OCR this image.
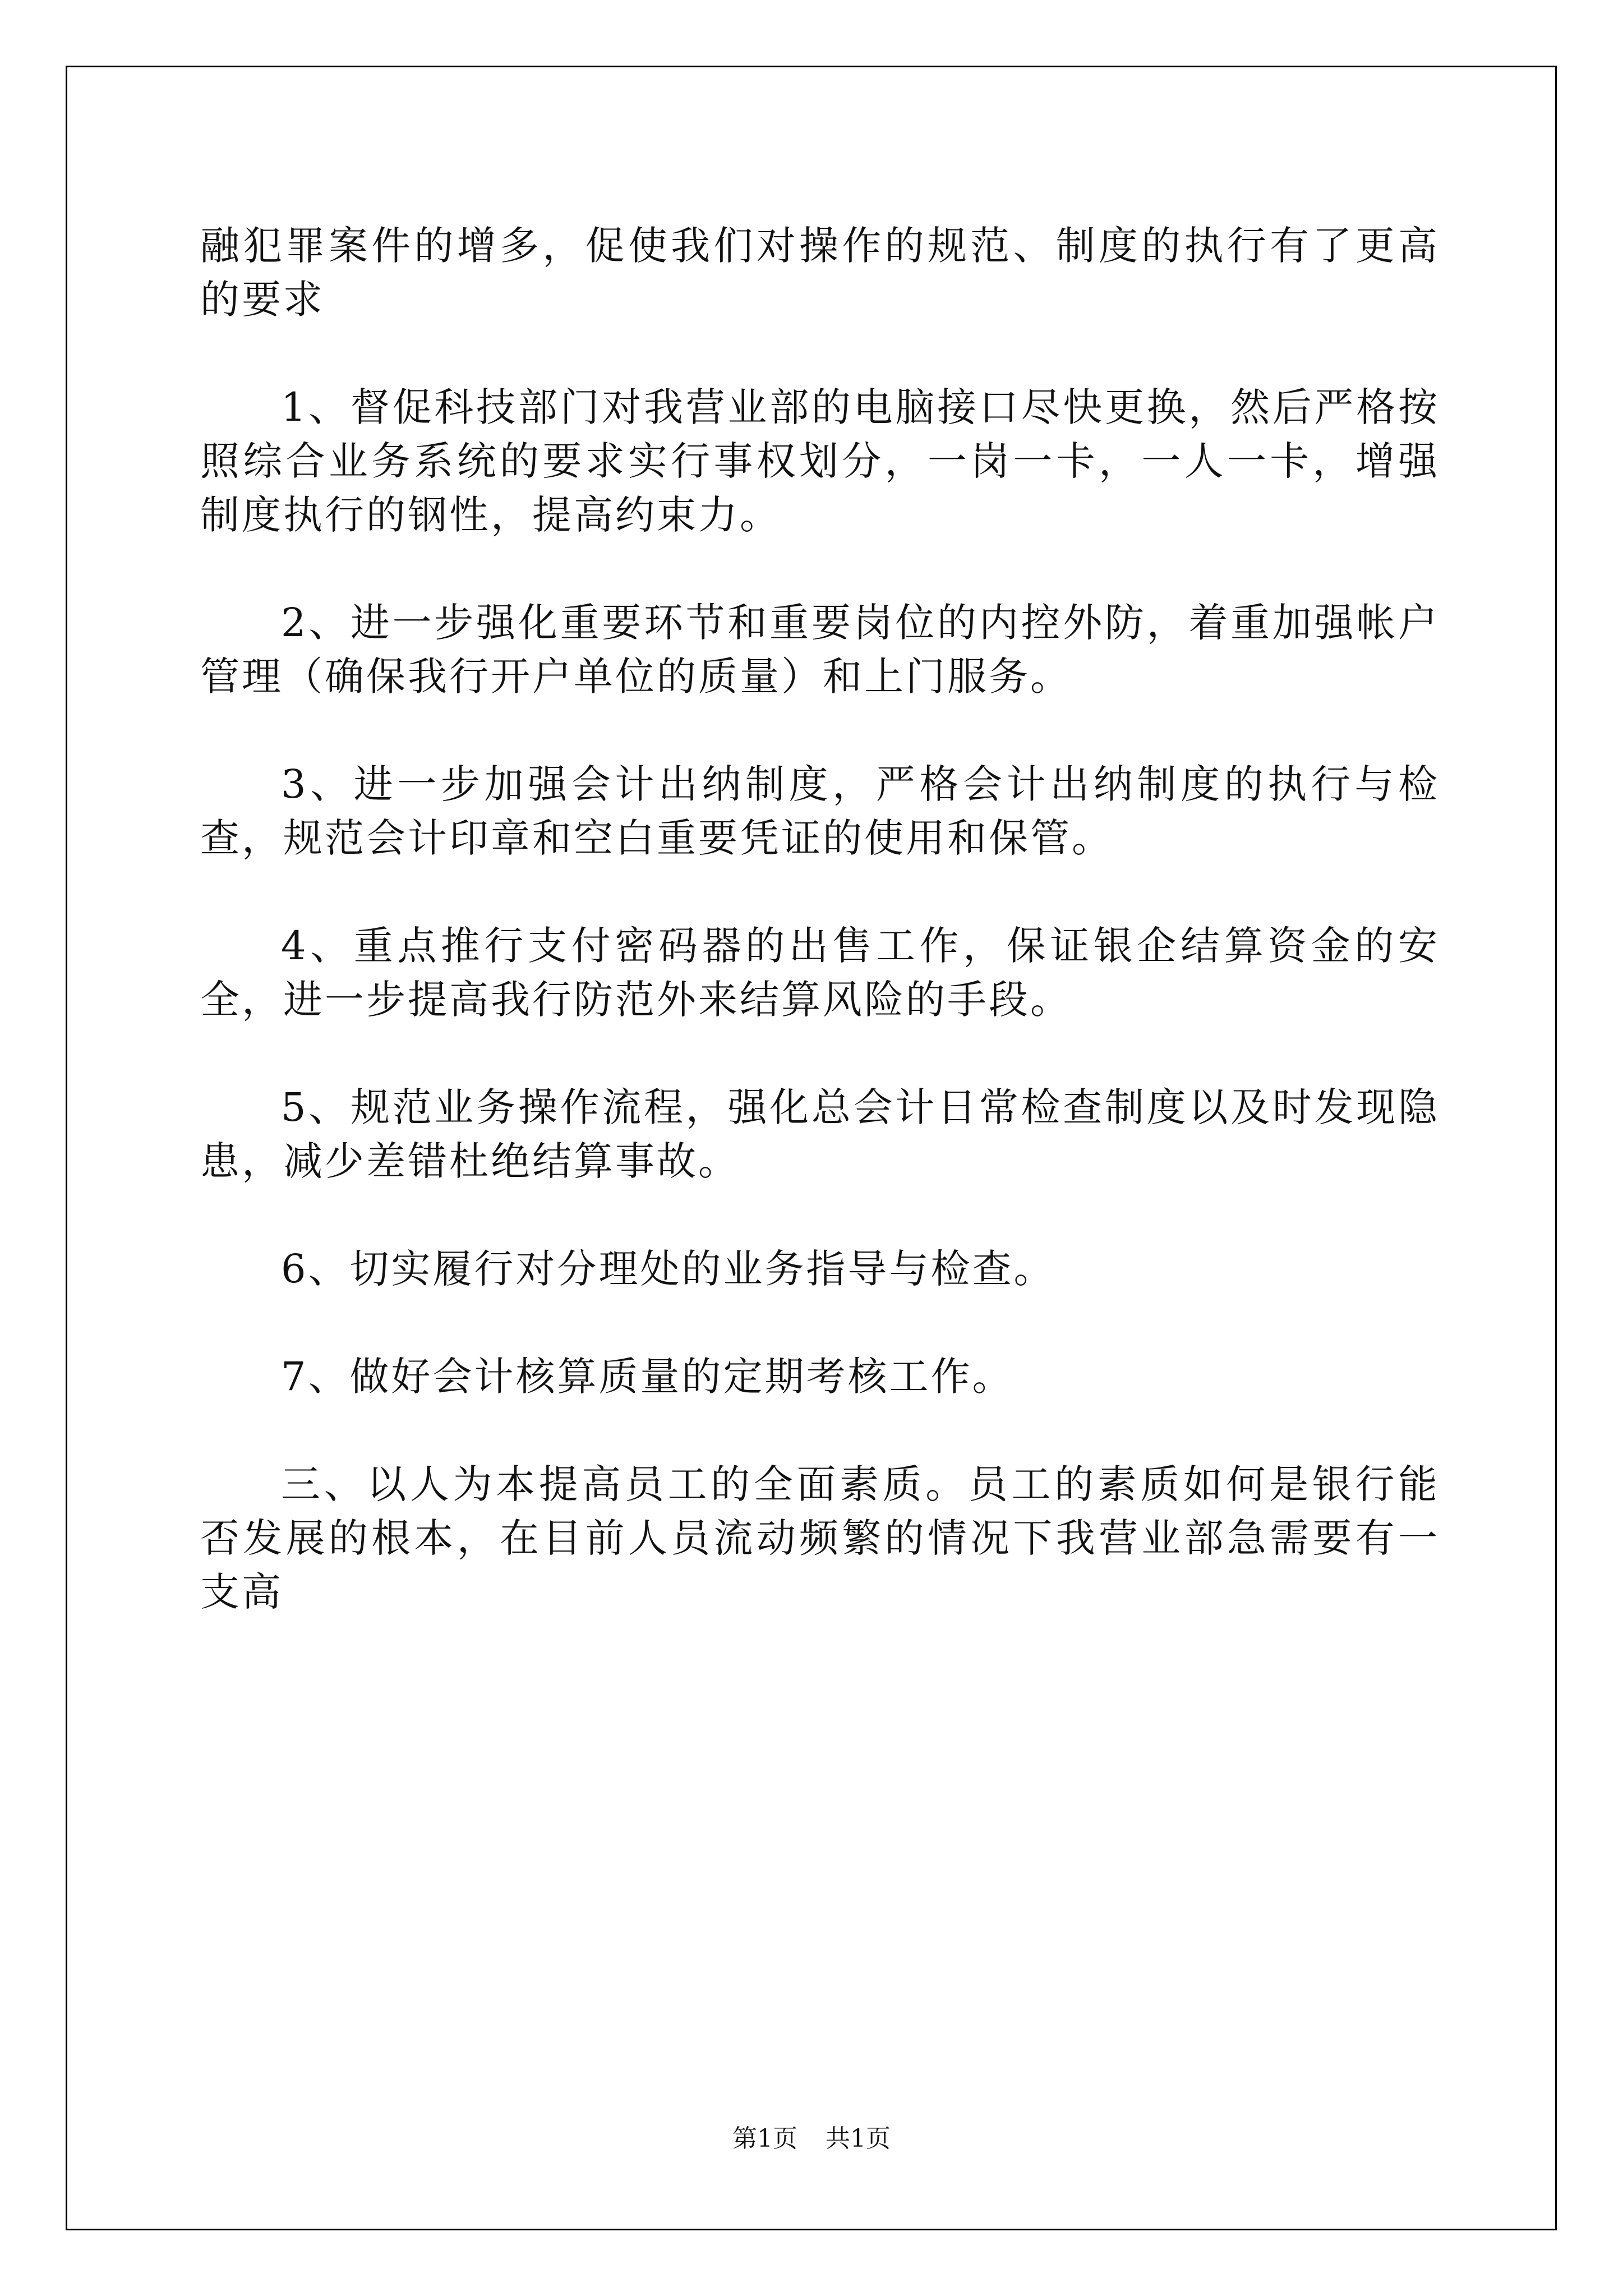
融犯罪案件的增多，促使我们对操作的规范、制度的执行有了更高的要求

1、督促科技部门对我营业部的电脑接口尽快更换，然后严格按照综合业务系统的要求实行事权划分，一岗一卡，一人一卡，增强制度执行的钢性，提高约束力。

2、进一步强化重要环节和重要岗位的内控外防，着重加强帐户管理（确保我行开户单位的质量）和上门服务。

3、进一步加强会计出纳制度，严格会计出纳制度的执行与检查，规范会计印章和空白重要凭证的使用和保管。

4、重点推行支付密码器的出售工作，保证银企结算资金的安全，进一步提高我行防范外来结算风险的手段。

5、规范业务操作流程，强化总会计日常检查制度以及时发现隐患，减少差错杜绝结算事故。

6、切实履行对分理处的业务指导与检查。

7、做好会计核算质量的定期考核工作。

三、以人为本提高员工的全面素质。员工的素质如何是银行能否发展的根本，在目前人员流动频繁的情况下我营业部急需要有一支高

第1页 共1页
